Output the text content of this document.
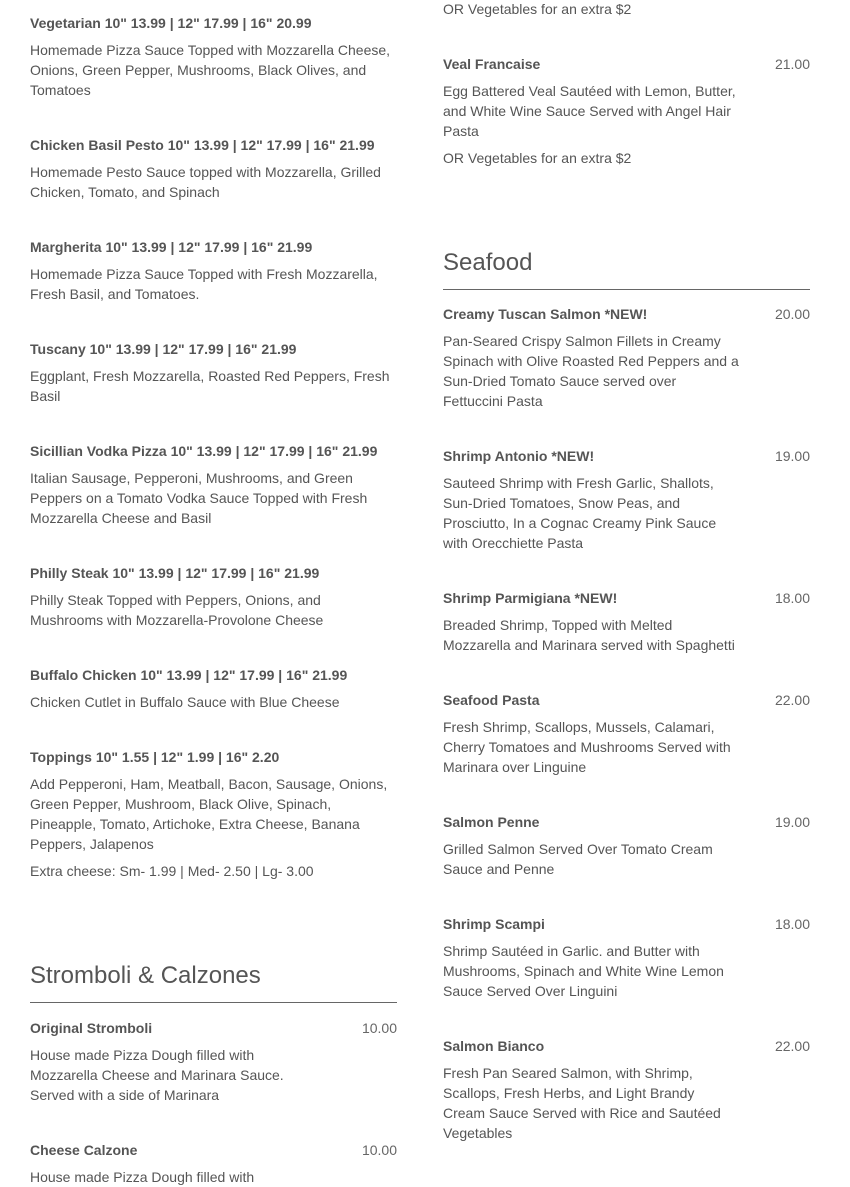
Vegetarian 10" 13.99 | 12" 17.99 | 16" 20.99
Homemade Pizza Sauce Topped with Mozzarella Cheese, Onions, Green Pepper, Mushrooms, Black Olives, and Tomatoes
Chicken Basil Pesto 10" 13.99 | 12" 17.99 | 16" 21.99
Homemade Pesto Sauce topped with Mozzarella, Grilled Chicken, Tomato, and Spinach
Margherita 10" 13.99 | 12" 17.99 | 16" 21.99
Homemade Pizza Sauce Topped with Fresh Mozzarella, Fresh Basil, and Tomatoes.
Tuscany 10" 13.99 | 12" 17.99 | 16" 21.99
Eggplant, Fresh Mozzarella, Roasted Red Peppers, Fresh Basil
Sicillian Vodka Pizza 10" 13.99 | 12" 17.99 | 16" 21.99
Italian Sausage, Pepperoni, Mushrooms, and Green Peppers on a Tomato Vodka Sauce Topped with Fresh Mozzarella Cheese and Basil
Philly Steak 10" 13.99 | 12" 17.99 | 16" 21.99
Philly Steak Topped with Peppers, Onions, and Mushrooms with Mozzarella-Provolone Cheese
Buffalo Chicken 10" 13.99 | 12" 17.99 | 16" 21.99
Chicken Cutlet in Buffalo Sauce with Blue Cheese
Toppings 10" 1.55 | 12" 1.99 | 16" 2.20
Add Pepperoni, Ham, Meatball, Bacon, Sausage, Onions, Green Pepper, Mushroom, Black Olive, Spinach, Pineapple, Tomato, Artichoke, Extra Cheese, Banana Peppers, Jalapenos
Extra cheese: Sm- 1.99 | Med- 2.50 | Lg- 3.00
Stromboli & Calzones
Original Stromboli	10.00
House made Pizza Dough filled with Mozzarella Cheese and Marinara Sauce. Served with a side of Marinara
Cheese Calzone	10.00
House made Pizza Dough filled with
OR Vegetables for an extra $2
Veal Francaise	21.00
Egg Battered Veal Sautéed with Lemon, Butter, and White Wine Sauce Served with Angel Hair Pasta
OR Vegetables for an extra $2
Seafood
Creamy Tuscan Salmon *NEW!	20.00
Pan-Seared Crispy Salmon Fillets in Creamy Spinach with Olive Roasted Red Peppers and a Sun-Dried Tomato Sauce served over Fettuccini Pasta
Shrimp Antonio *NEW!	19.00
Sauteed Shrimp with Fresh Garlic, Shallots, Sun-Dried Tomatoes, Snow Peas, and Prosciutto, In a Cognac Creamy Pink Sauce with Orecchiette Pasta
Shrimp Parmigiana *NEW!	18.00
Breaded Shrimp, Topped with Melted Mozzarella and Marinara served with Spaghetti
Seafood Pasta	22.00
Fresh Shrimp, Scallops, Mussels, Calamari, Cherry Tomatoes and Mushrooms Served with Marinara over Linguine
Salmon Penne	19.00
Grilled Salmon Served Over Tomato Cream Sauce and Penne
Shrimp Scampi	18.00
Shrimp Sautéed in Garlic. and Butter with Mushrooms, Spinach and White Wine Lemon Sauce Served Over Linguini
Salmon Bianco	22.00
Fresh Pan Seared Salmon, with Shrimp, Scallops, Fresh Herbs, and Light Brandy Cream Sauce Served with Rice and Sautéed Vegetables
